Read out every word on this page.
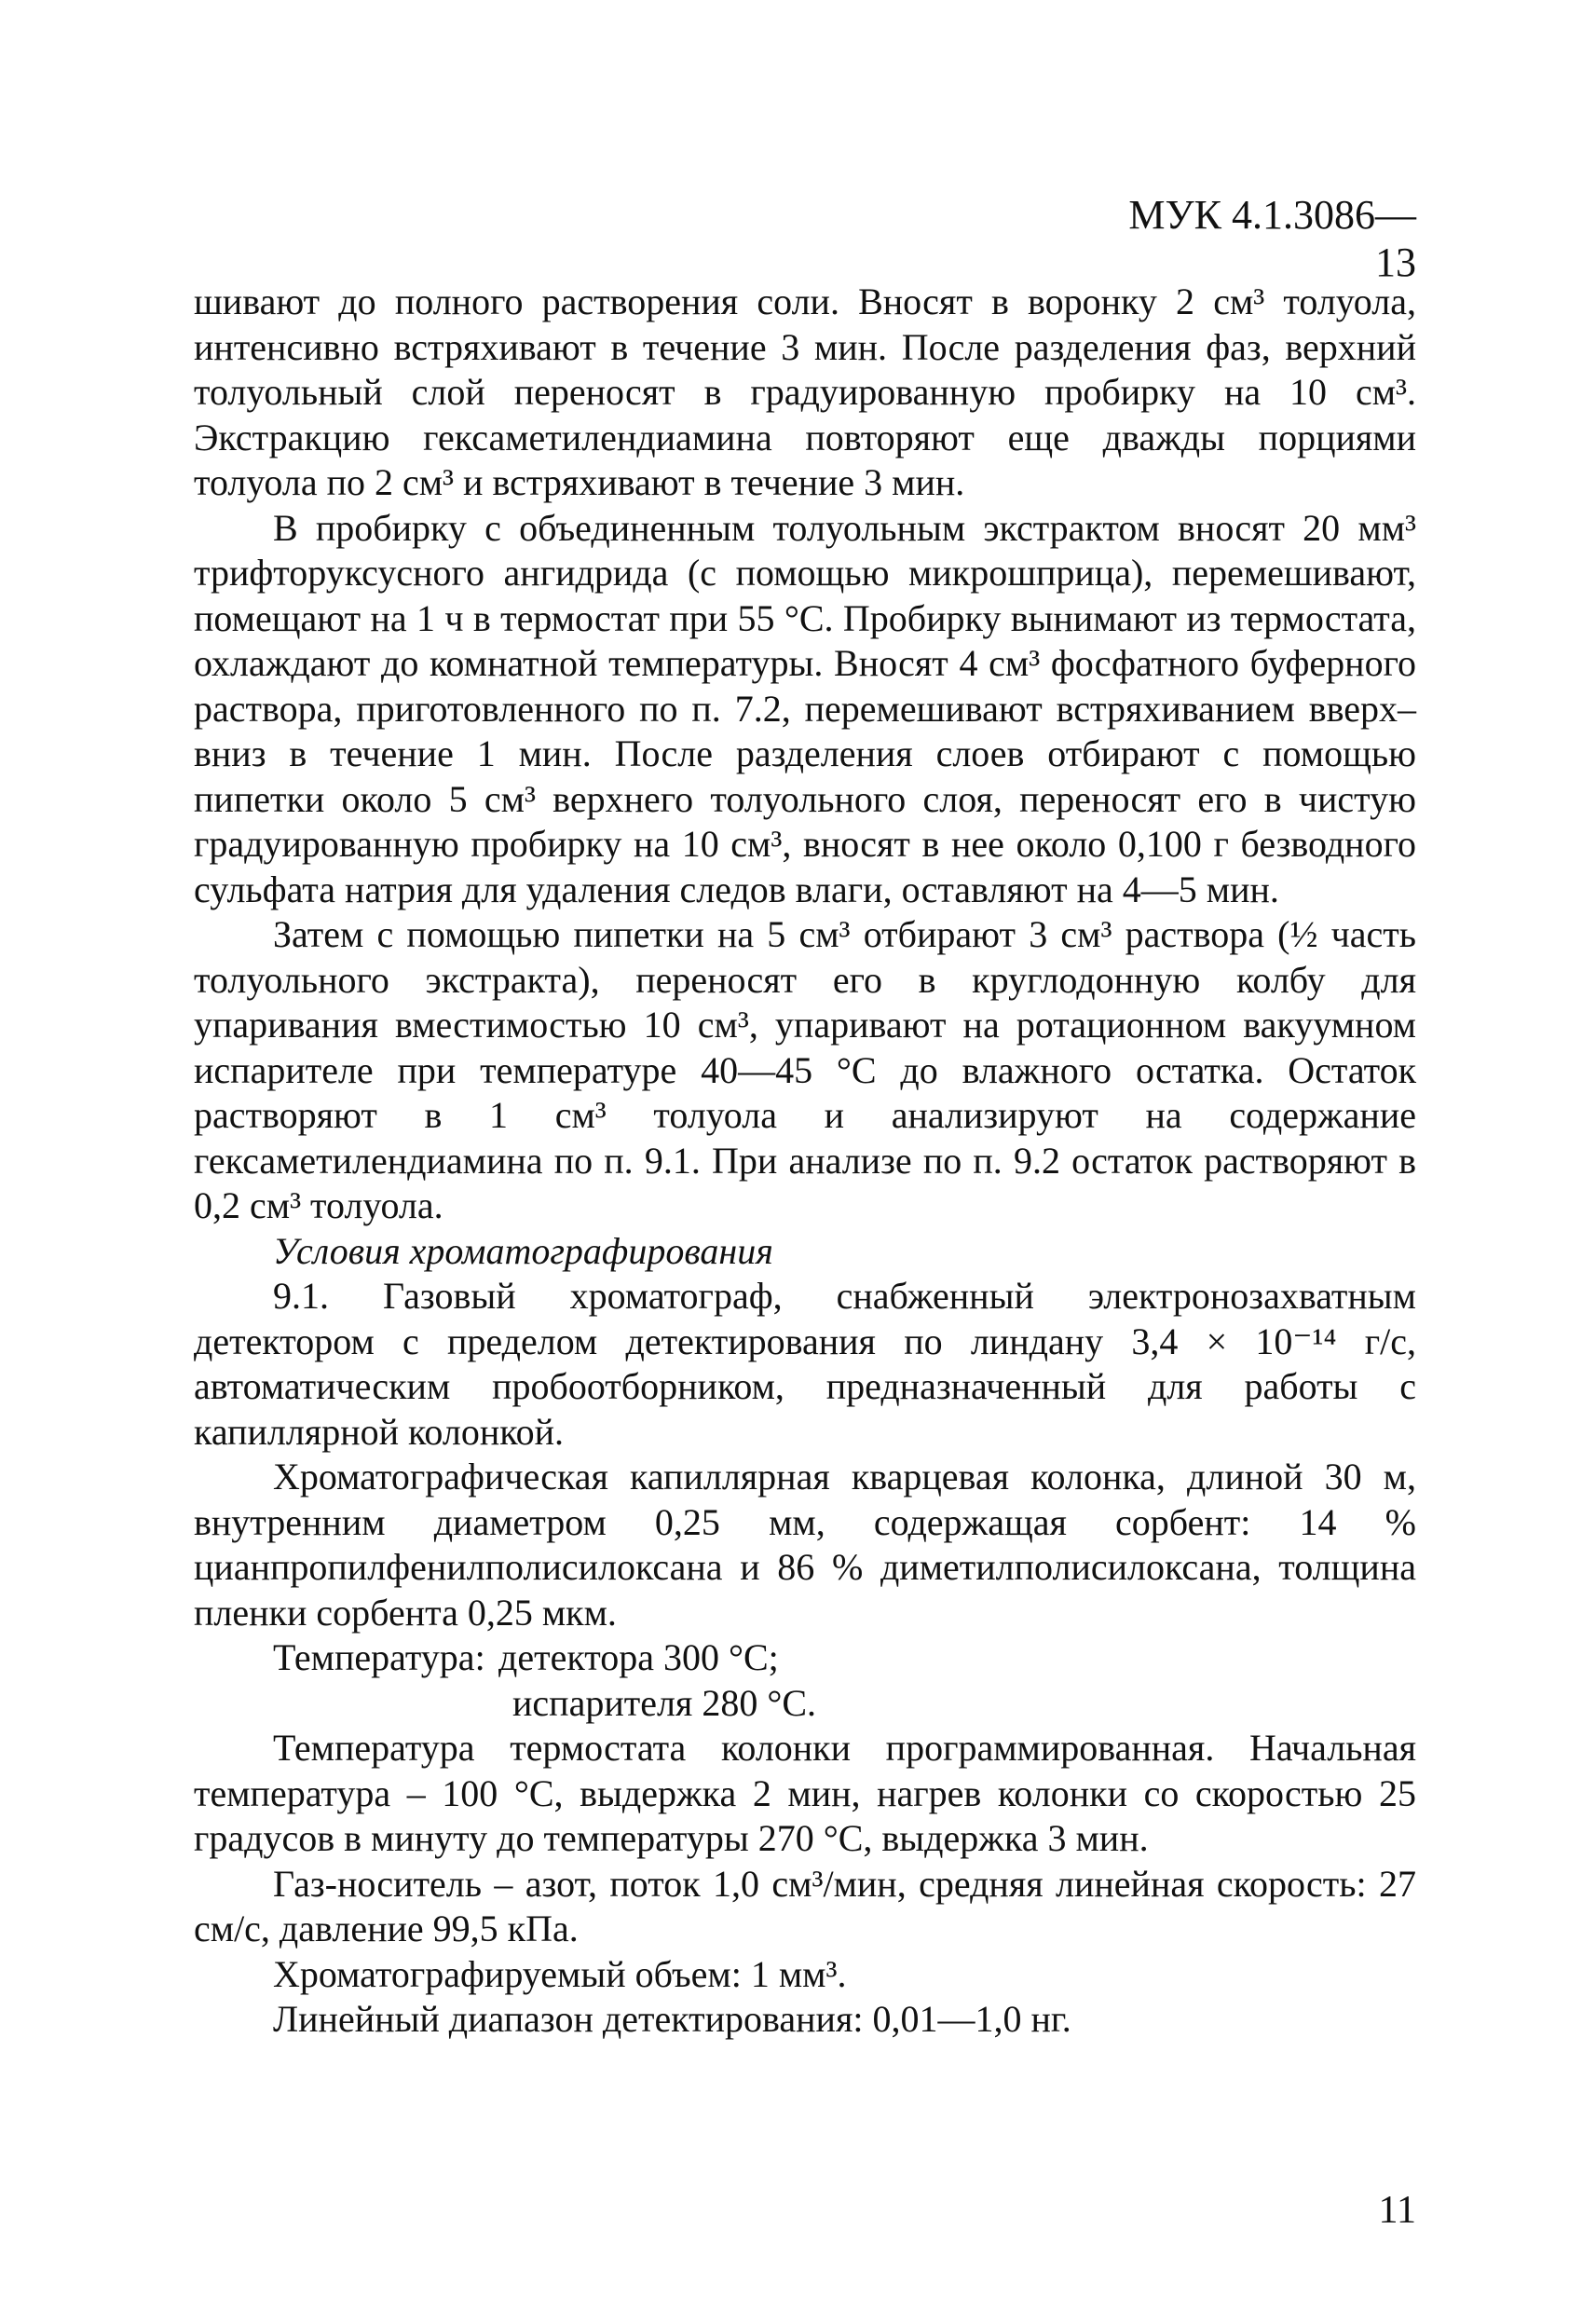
МУК 4.1.3086—13

шивают до полного растворения соли. Вносят в воронку 2 см³ толуола, интенсивно встряхивают в течение 3 мин. После разделения фаз, верхний толуольный слой переносят в градуированную пробирку на 10 см³. Экстракцию гексаметилендиамина повторяют еще дважды порциями толуола по 2 см³ и встряхивают в течение 3 мин.

В пробирку с объединенным толуольным экстрактом вносят 20 мм³ трифторуксусного ангидрида (с помощью микрошприца), перемешивают, помещают на 1 ч в термостат при 55 °С. Пробирку вынимают из термостата, охлаждают до комнатной температуры. Вносят 4 см³ фосфатного буферного раствора, приготовленного по п. 7.2, перемешивают встряхиванием вверх–вниз в течение 1 мин. После разделения слоев отбирают с помощью пипетки около 5 см³ верхнего толуольного слоя, переносят его в чистую градуированную пробирку на 10 см³, вносят в нее около 0,100 г безводного сульфата натрия для удаления следов влаги, оставляют на 4—5 мин.

Затем с помощью пипетки на 5 см³ отбирают 3 см³ раствора (½ часть толуольного экстракта), переносят его в круглодонную колбу для упаривания вместимостью 10 см³, упаривают на ротационном вакуумном испарителе при температуре 40—45 °С до влажного остатка. Остаток растворяют в 1 см³ толуола и анализируют на содержание гексаметилендиамина по п. 9.1. При анализе по п. 9.2 остаток растворяют в 0,2 см³ толуола.

Условия хроматографирования

9.1. Газовый хроматограф, снабженный электронозахватным детектором с пределом детектирования по линдану 3,4 × 10⁻¹⁴ г/с, автоматическим пробоотборником, предназначенный для работы с капиллярной колонкой.

Хроматографическая капиллярная кварцевая колонка, длиной 30 м, внутренним диаметром 0,25 мм, содержащая сорбент: 14 % цианпропилфенилполисилоксана и 86 % диметилполисилоксана, толщина пленки сорбента 0,25 мкм.

Температура: детектора 300 °С;
испарителя 280 °С.

Температура термостата колонки программированная. Начальная температура – 100 °С, выдержка 2 мин, нагрев колонки со скоростью 25 градусов в минуту до температуры 270 °С, выдержка 3 мин.

Газ-носитель – азот, поток 1,0 см³/мин, средняя линейная скорость: 27 см/с, давление 99,5 кПа.

Хроматографируемый объем: 1 мм³.

Линейный диапазон детектирования: 0,01—1,0 нг.

11
